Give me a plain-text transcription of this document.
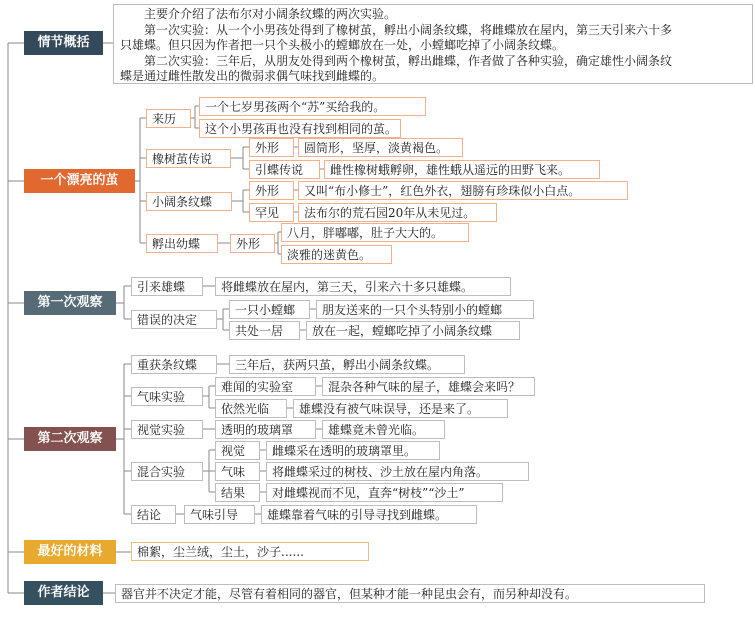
主要介介绍了法布尔对小阔条纹蝶的两次实验。
第一次实验：从一个小男孩处得到了橡树茧，孵出小阔条纹蝶，将雌蝶放在屋内，第三天引来六十多
只雄蝶。但只因为作者把一只个头极小的螳螂放在一处，小螳螂吃掉了小阔条纹蝶。
第二次实验：三年后，从朋友处得到两个橡树茧，孵出雌蝶，作者做了各种实验，确定雄性小阔条纹
蝶是通过雌性散发出的微弱求偶气味找到雌蝶的。
情节概括
一个漂亮的茧
第一次观察
第二次观察
最好的材料
作者结论
来历
一个七岁男孩两个“苏”买给我的。
这个小男孩再也没有找到相同的茧。
橡树茧传说
外形	圆筒形，坚厚，淡黄褐色。
引蝶传说	雌性橡树蛾孵卵，雄性蛾从遥远的田野飞来。
小阔条纹蝶
外形	又叫“布小修士”，红色外衣，翅膀有珍珠似小白点。
罕见	法布尔的荒石园20年从未见过。
孵出幼蝶	外形
八月，胖嘟嘟，肚子大大的。
淡雅的迷黄色。
引来雄蝶	将雌蝶放在屋内，第三天，引来六十多只雄蝶。
错误的决定
一只小螳螂	朋友送来的一只个头特别小的螳螂
共处一居	放在一起，螳螂吃掉了小阔条纹蝶
重获条纹蝶	三年后，获两只茧，孵出小阔条纹蝶。
气味实验
难闻的实验室	混杂各种气味的屋子，雄蝶会来吗？
依然光临	雄蝶没有被气味误导，还是来了。
视觉实验	透明的玻璃罩	雄蝶竟未曾光临。
混合实验
视觉	雌蝶采在透明的玻璃罩里。
气味	将雌蝶采过的树枝、沙土放在屋内角落。
结果	对雌蝶视而不见，直奔“树枝”“沙土”
结论	气味引导	雄蝶靠着气味的引导寻找到雌蝶。
棉絮，尘兰绒，尘土，沙子......
器官并不决定才能，尽管有着相同的器官，但某种才能一种昆虫会有，而另种却没有。
